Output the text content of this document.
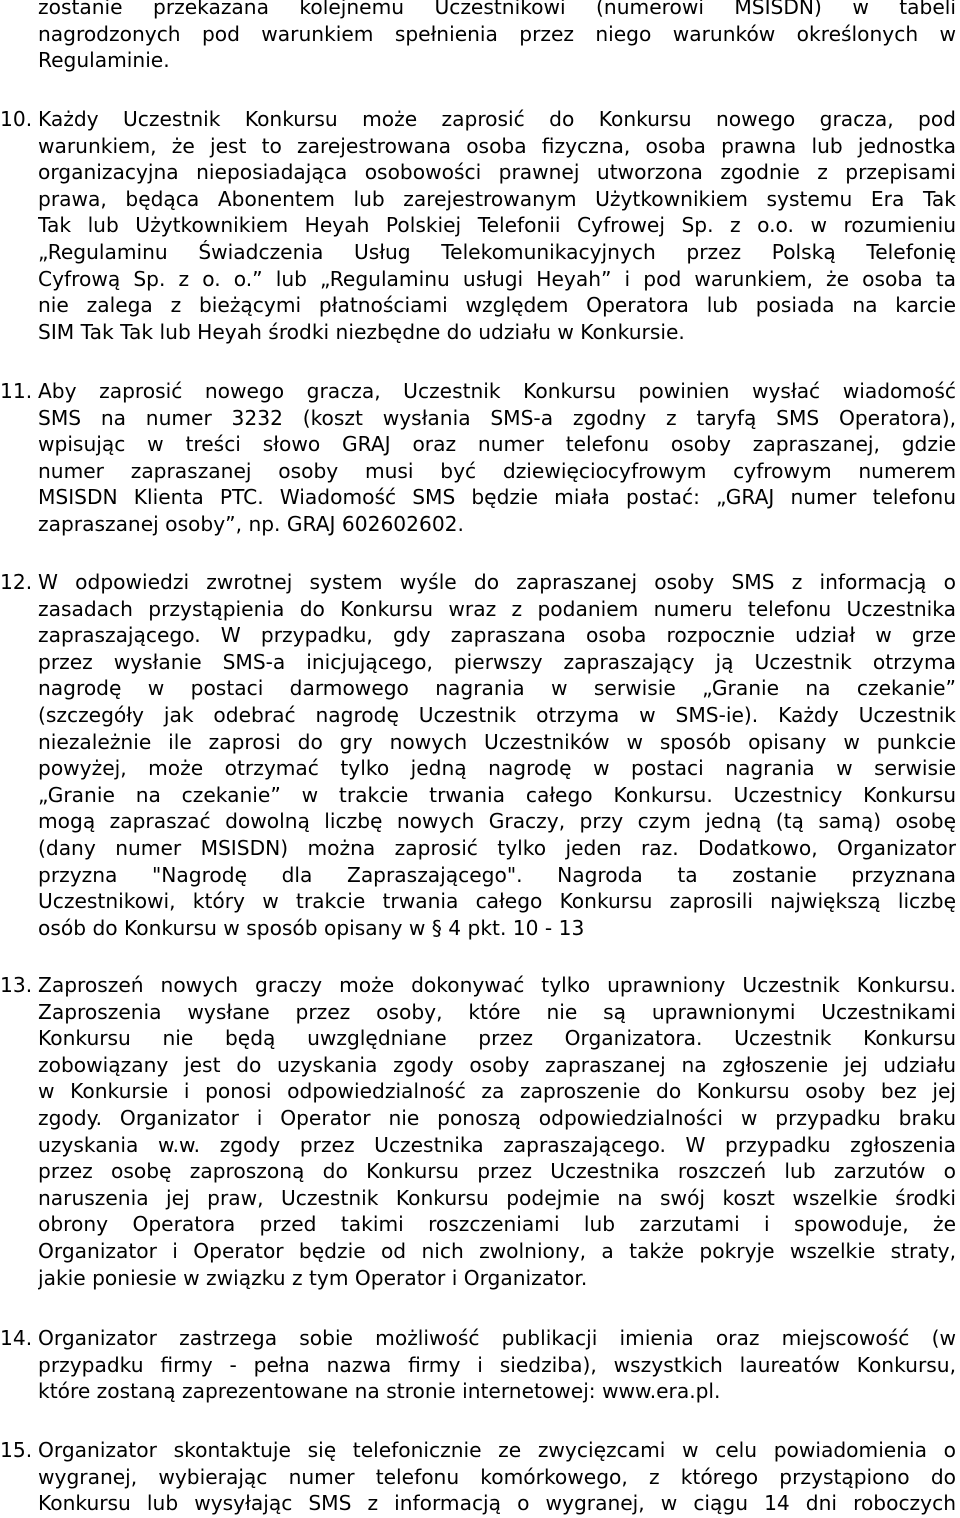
zostanie przekazana kolejnemu Uczestnikowi (numerowi MSISDN) w tabeli
nagrodzonych pod warunkiem spełnienia przez niego warunków określonych w
Regulaminie.
10. Każdy Uczestnik Konkursu może zaprosić do Konkursu nowego gracza, pod
warunkiem, że jest to zarejestrowana osoba fizyczna, osoba prawna lub jednostka
organizacyjna nieposiadająca osobowości prawnej utworzona zgodnie z przepisami
prawa, będąca Abonentem lub zarejestrowanym Użytkownikiem systemu Era Tak
Tak lub Użytkownikiem Heyah Polskiej Telefonii Cyfrowej Sp. z o.o. w rozumieniu
„Regulaminu Świadczenia Usług Telekomunikacyjnych przez Polską Telefonię
Cyfrową Sp. z o. o.” lub „Regulaminu usługi Heyah” i pod warunkiem, że osoba ta
nie zalega z bieżącymi płatnościami względem Operatora lub posiada na karcie
SIM Tak Tak lub Heyah środki niezbędne do udziału w Konkursie.
11. Aby zaprosić nowego gracza, Uczestnik Konkursu powinien wysłać wiadomość
SMS na numer 3232 (koszt wysłania SMS-a zgodny z taryfą SMS Operatora),
wpisując w treści słowo GRAJ oraz numer telefonu osoby zapraszanej, gdzie
numer zapraszanej osoby musi być dziewięciocyfrowym cyfrowym numerem
MSISDN Klienta PTC. Wiadomość SMS będzie miała postać: „GRAJ numer telefonu
zapraszanej osoby”, np. GRAJ 602602602.
12. W odpowiedzi zwrotnej system wyśle do zapraszanej osoby SMS z informacją o
zasadach przystąpienia do Konkursu wraz z podaniem numeru telefonu Uczestnika
zapraszającego. W przypadku, gdy zapraszana osoba rozpocznie udział w grze
przez wysłanie SMS-a inicjującego, pierwszy zapraszający ją Uczestnik otrzyma
nagrodę w postaci darmowego nagrania w serwisie „Granie na czekanie”
(szczegóły jak odebrać nagrodę Uczestnik otrzyma w SMS-ie). Każdy Uczestnik
niezależnie ile zaprosi do gry nowych Uczestników w sposób opisany w punkcie
powyżej, może otrzymać tylko jedną nagrodę w postaci nagrania w serwisie
„Granie na czekanie” w trakcie trwania całego Konkursu. Uczestnicy Konkursu
mogą zapraszać dowolną liczbę nowych Graczy, przy czym jedną (tą samą) osobę
(dany numer MSISDN) można zaprosić tylko jeden raz. Dodatkowo, Organizator
przyzna "Nagrodę dla Zapraszającego". Nagroda ta zostanie przyznana
Uczestnikowi, który w trakcie trwania całego Konkursu zaprosili największą liczbę
osób do Konkursu w sposób opisany w § 4 pkt. 10 - 13
13. Zaproszeń nowych graczy może dokonywać tylko uprawniony Uczestnik Konkursu.
Zaproszenia wysłane przez osoby, które nie są uprawnionymi Uczestnikami
Konkursu nie będą uwzględniane przez Organizatora. Uczestnik Konkursu
zobowiązany jest do uzyskania zgody osoby zapraszanej na zgłoszenie jej udziału
w Konkursie i ponosi odpowiedzialność za zaproszenie do Konkursu osoby bez jej
zgody. Organizator i Operator nie ponoszą odpowiedzialności w przypadku braku
uzyskania w.w. zgody przez Uczestnika zapraszającego. W przypadku zgłoszenia
przez osobę zaproszoną do Konkursu przez Uczestnika roszczeń lub zarzutów o
naruszenia jej praw, Uczestnik Konkursu podejmie na swój koszt wszelkie środki
obrony Operatora przed takimi roszczeniami lub zarzutami i spowoduje, że
Organizator i Operator będzie od nich zwolniony, a także pokryje wszelkie straty,
jakie poniesie w związku z tym Operator i Organizator.
14. Organizator zastrzega sobie możliwość publikacji imienia oraz miejscowość (w
przypadku firmy - pełna nazwa firmy i siedziba), wszystkich laureatów Konkursu,
które zostaną zaprezentowane na stronie internetowej: www.era.pl.
15. Organizator skontaktuje się telefonicznie ze zwycięzcami w celu powiadomienia o
wygranej, wybierając numer telefonu komórkowego, z którego przystąpiono do
Konkursu lub wysyłając SMS z informacją o wygranej, w ciągu 14 dni roboczych
